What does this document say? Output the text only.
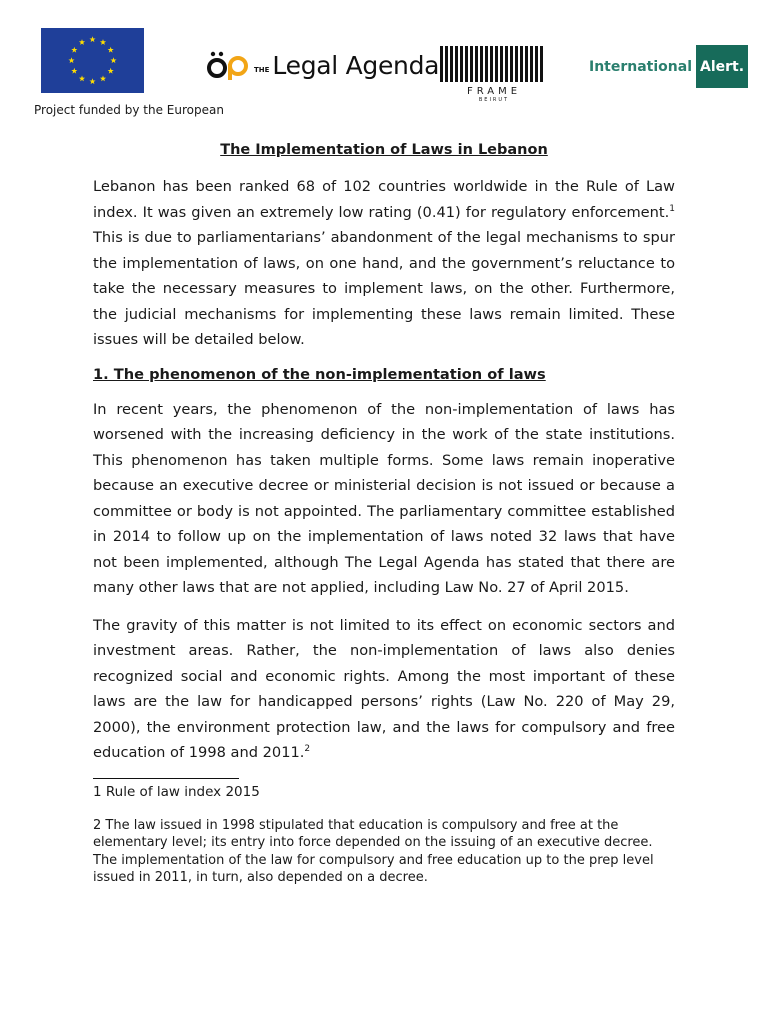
Project funded by the European
THE Legal Agenda
FRAME
BEIRUT
International Alert.
The Implementation of Laws in Lebanon

Lebanon has been ranked 68 of 102 countries worldwide in the Rule of Law index. It was given an extremely low rating (0.41) for regulatory enforcement.$^1$ This is due to parliamentarians’ abandonment of the legal mechanisms to spur the implementation of laws, on one hand, and the government’s reluctance to take the necessary measures to implement laws, on the other. Furthermore, the judicial mechanisms for implementing these laws remain limited. These issues will be detailed below.

1. The phenomenon of the non-implementation of laws

In recent years, the phenomenon of the non-implementation of laws has worsened with the increasing deficiency in the work of the state institutions. This phenomenon has taken multiple forms. Some laws remain inoperative because an executive decree or ministerial decision is not issued or because a committee or body is not appointed. The parliamentary committee established in 2014 to follow up on the implementation of laws noted 32 laws that have not been implemented, although The Legal Agenda has stated that there are many other laws that are not applied, including Law No. 27 of April 2015.

The gravity of this matter is not limited to its effect on economic sectors and investment areas. Rather, the non-implementation of laws also denies recognized social and economic rights. Among the most important of these laws are the law for handicapped persons’ rights (Law No. 220 of May 29, 2000), the environment protection law, and the laws for compulsory and free education of 1998 and 2011.$^2$

1 Rule of law index 2015
2 The law issued in 1998 stipulated that education is compulsory and free at the elementary level; its entry into force depended on the issuing of an executive decree. The implementation of the law for compulsory and free education up to the prep level issued in 2011, in turn, also depended on a decree.
